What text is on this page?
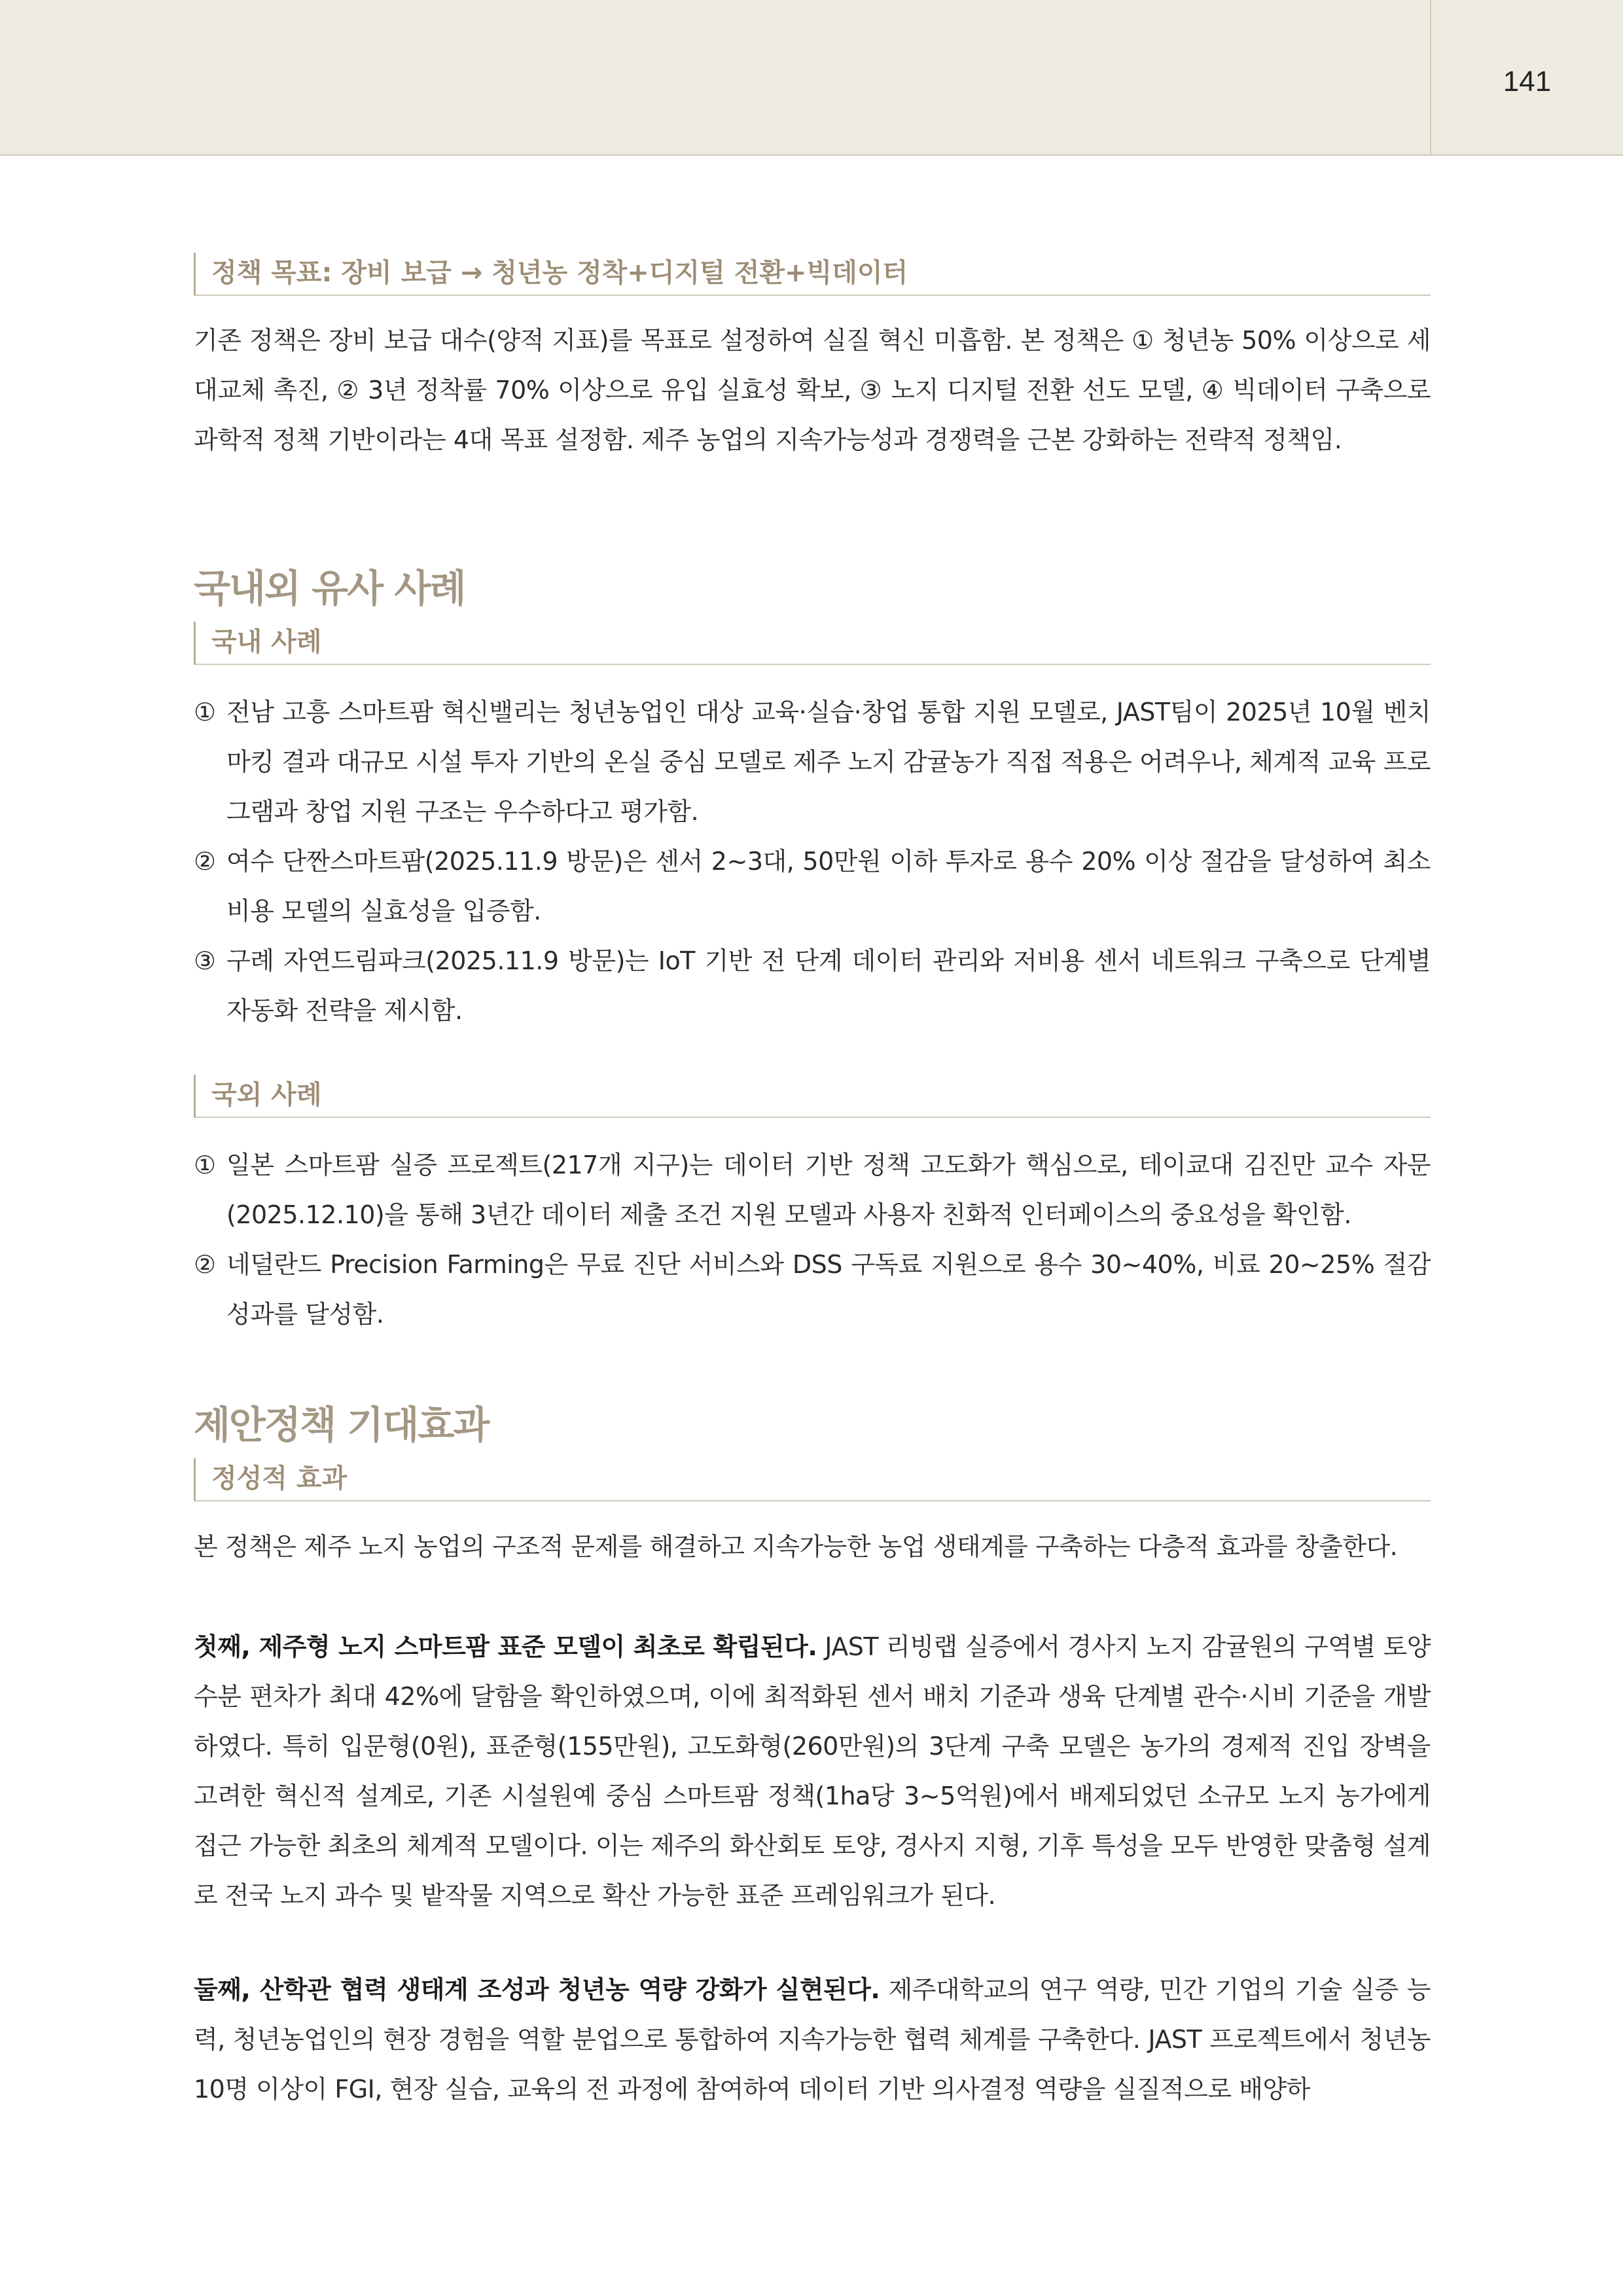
141
정책 목표: 장비 보급 → 청년농 정착+디지털 전환+빅데이터

기존 정책은 장비 보급 대수(양적 지표)를 목표로 설정하여 실질 혁신 미흡함. 본 정책은 ① 청년농 50% 이상으로 세대교체 촉진, ② 3년 정착률 70% 이상으로 유입 실효성 확보, ③ 노지 디지털 전환 선도 모델, ④ 빅데이터 구축으로 과학적 정책 기반이라는 4대 목표 설정함. 제주 농업의 지속가능성과 경쟁력을 근본 강화하는 전략적 정책임.

국내외 유사 사례
국내 사례
① 전남 고흥 스마트팜 혁신밸리는 청년농업인 대상 교육·실습·창업 통합 지원 모델로, JAST팀이 2025년 10월 벤치마킹 결과 대규모 시설 투자 기반의 온실 중심 모델로 제주 노지 감귤농가 직접 적용은 어려우나, 체계적 교육 프로그램과 창업 지원 구조는 우수하다고 평가함.
② 여수 단짠스마트팜(2025.11.9 방문)은 센서 2~3대, 50만원 이하 투자로 용수 20% 이상 절감을 달성하여 최소비용 모델의 실효성을 입증함.
③ 구례 자연드림파크(2025.11.9 방문)는 IoT 기반 전 단계 데이터 관리와 저비용 센서 네트워크 구축으로 단계별 자동화 전략을 제시함.
국외 사례
① 일본 스마트팜 실증 프로젝트(217개 지구)는 데이터 기반 정책 고도화가 핵심으로, 테이쿄대 김진만 교수 자문(2025.12.10)을 통해 3년간 데이터 제출 조건 지원 모델과 사용자 친화적 인터페이스의 중요성을 확인함.
② 네덜란드 Precision Farming은 무료 진단 서비스와 DSS 구독료 지원으로 용수 30~40%, 비료 20~25% 절감 성과를 달성함.
제안정책 기대효과
정성적 효과

본 정책은 제주 노지 농업의 구조적 문제를 해결하고 지속가능한 농업 생태계를 구축하는 다층적 효과를 창출한다.

첫째, 제주형 노지 스마트팜 표준 모델이 최초로 확립된다. JAST 리빙랩 실증에서 경사지 노지 감귤원의 구역별 토양 수분 편차가 최대 42%에 달함을 확인하였으며, 이에 최적화된 센서 배치 기준과 생육 단계별 관수·시비 기준을 개발하였다. 특히 입문형(0원), 표준형(155만원), 고도화형(260만원)의 3단계 구축 모델은 농가의 경제적 진입 장벽을 고려한 혁신적 설계로, 기존 시설원예 중심 스마트팜 정책(1ha당 3~5억원)에서 배제되었던 소규모 노지 농가에게 접근 가능한 최초의 체계적 모델이다. 이는 제주의 화산회토 토양, 경사지 지형, 기후 특성을 모두 반영한 맞춤형 설계로 전국 노지 과수 및 밭작물 지역으로 확산 가능한 표준 프레임워크가 된다.

둘째, 산학관 협력 생태계 조성과 청년농 역량 강화가 실현된다. 제주대학교의 연구 역량, 민간 기업의 기술 실증 능력, 청년농업인의 현장 경험을 역할 분업으로 통합하여 지속가능한 협력 체계를 구축한다. JAST 프로젝트에서 청년농 10명 이상이 FGI, 현장 실습, 교육의 전 과정에 참여하여 데이터 기반 의사결정 역량을 실질적으로 배양하
